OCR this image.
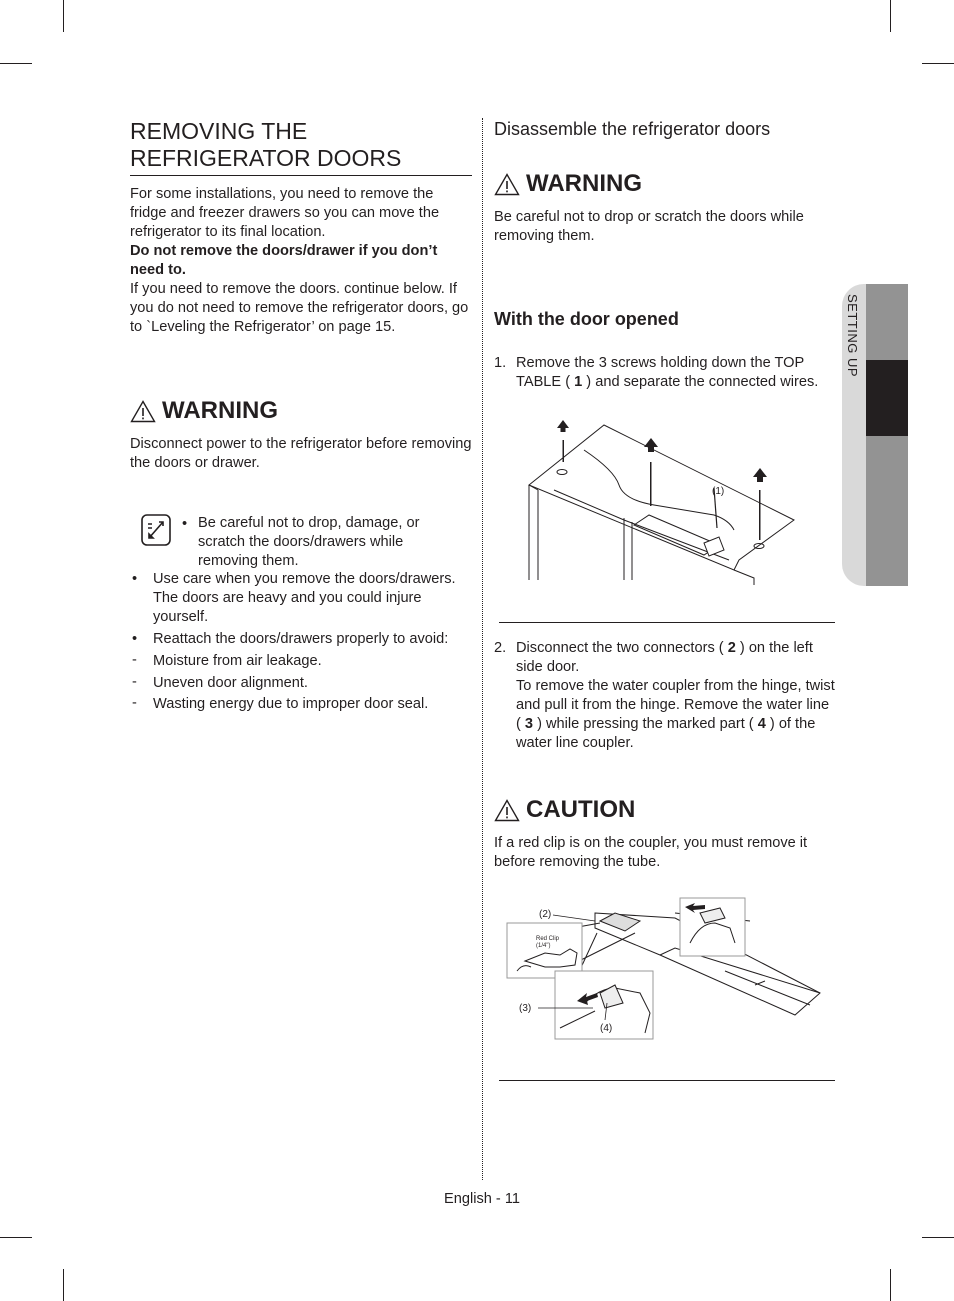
REMOVING THE
REFRIGERATOR DOORS

For some installations, you need to remove the fridge and freezer drawers so you can move the refrigerator to its final location.

Do not remove the doors/drawer if you don’t need to.

If you need to remove the doors. continue below. If you do not need to remove the refrigerator doors, go to `Leveling the Refrigerator’ on page 15.

WARNING

Disconnect power to the refrigerator before removing the doors or drawer.

• Be careful not to drop, damage, or scratch the doors/drawers while removing them.
• Use care when you remove the doors/drawers. The doors are heavy and you could injure yourself.
• Reattach the doors/drawers properly to avoid:
- Moisture from air leakage.
- Uneven door alignment.
- Wasting energy due to improper door seal.
Disassemble the refrigerator doors
WARNING

Be careful not to drop or scratch the doors while removing them.

With the door opened
1. Remove the 3 screws holding down the TOP TABLE ( 1 ) and separate the connected wires.
(1)
2. Disconnect the two connectors ( 2 ) on the left side door.
To remove the water coupler from the hinge, twist and pull it from the hinge. Remove the water line ( 3 ) while pressing the marked part ( 4 ) of the water line coupler.
CAUTION

If a red clip is on the coupler, you must remove it before removing the tube.

Red Clip
(1/4")
(2)
(3)
(4)
SETTING UP
English - 11
